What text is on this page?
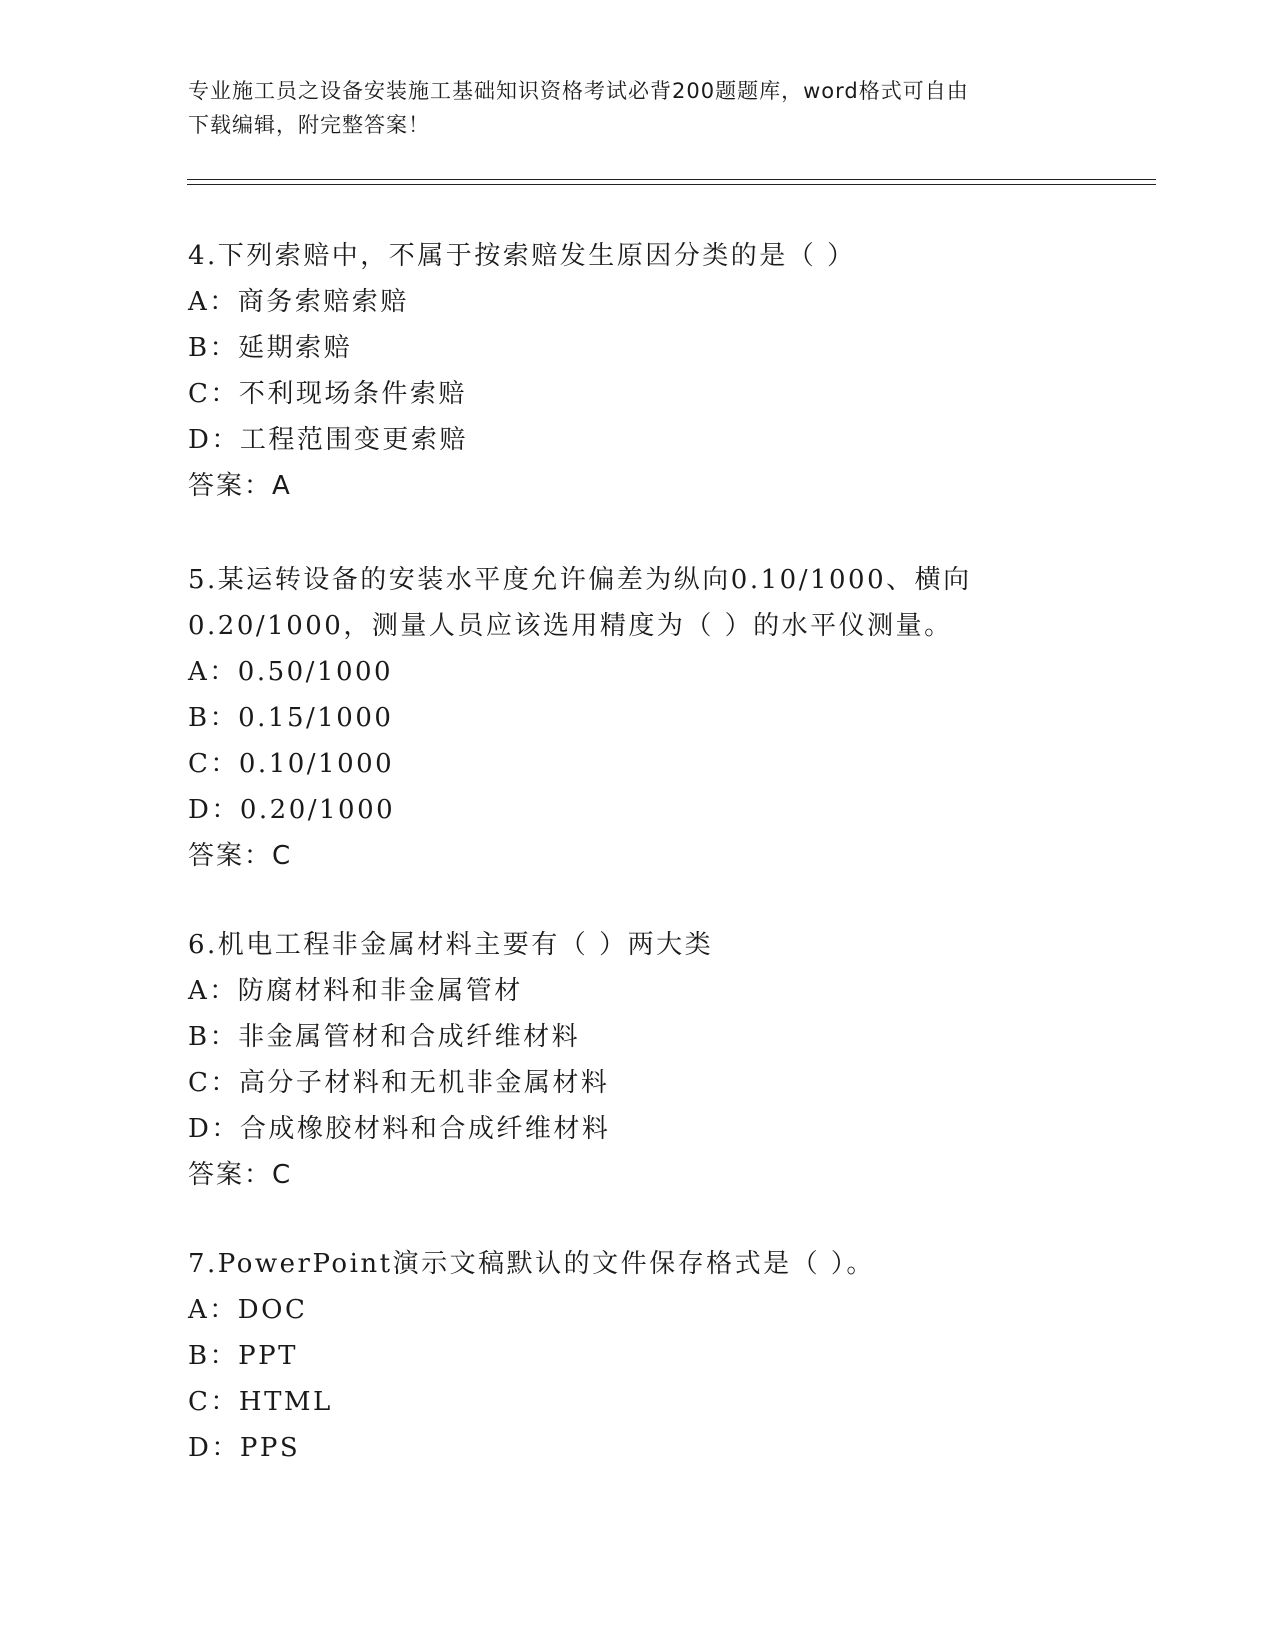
专业施工员之设备安装施工基础知识资格考试必背200题题库，word格式可自由
下载编辑，附完整答案！
4.下列索赔中，不属于按索赔发生原因分类的是（ ）
A：商务索赔索赔
B：延期索赔
C：不利现场条件索赔
D：工程范围变更索赔
答案：A
5.某运转设备的安装水平度允许偏差为纵向0.10/1000、横向
0.20/1000，测量人员应该选用精度为（ ）的水平仪测量。
A：0.50/1000
B：0.15/1000
C：0.10/1000
D：0.20/1000
答案：C
6.机电工程非金属材料主要有（ ）两大类
A：防腐材料和非金属管材
B：非金属管材和合成纤维材料
C：高分子材料和无机非金属材料
D：合成橡胶材料和合成纤维材料
答案：C
7.PowerPoint演示文稿默认的文件保存格式是（ ）。
A：DOC
B：PPT
C：HTML
D：PPS
